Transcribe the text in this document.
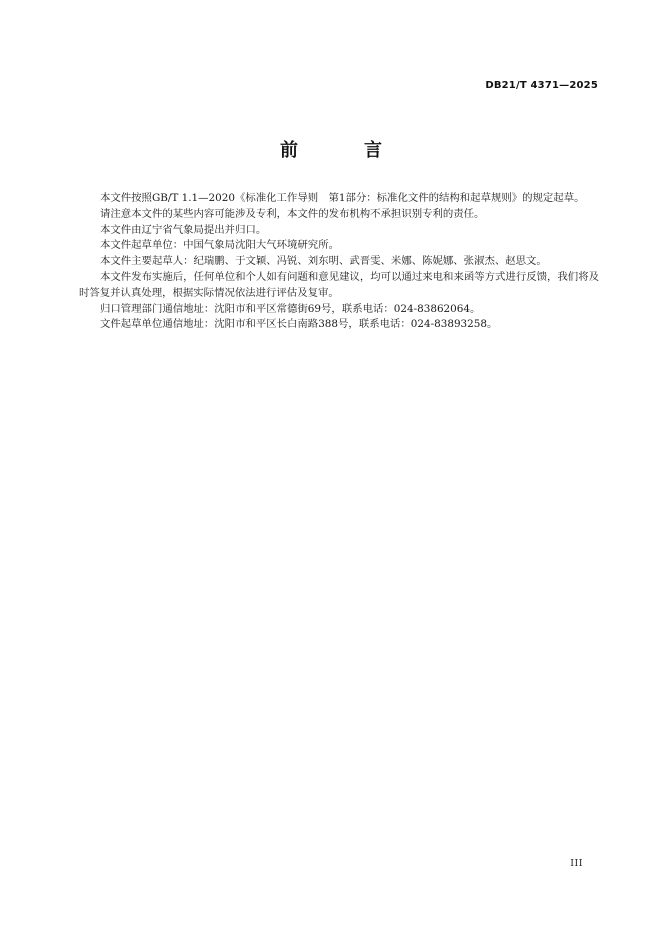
DB21/T 4371—2025
前　言

本文件按照GB/T 1.1—2020《标准化工作导则　第1部分：标准化文件的结构和起草规则》的规定起草。

请注意本文件的某些内容可能涉及专利，本文件的发布机构不承担识别专利的责任。

本文件由辽宁省气象局提出并归口。

本文件起草单位：中国气象局沈阳大气环境研究所。

本文件主要起草人：纪瑞鹏、于文颖、冯锐、刘东明、武晋雯、米娜、陈妮娜、张淑杰、赵思文。

本文件发布实施后，任何单位和个人如有问题和意见建议，均可以通过来电和来函等方式进行反馈，我们将及时答复并认真处理，根据实际情况依法进行评估及复审。

归口管理部门通信地址：沈阳市和平区常德街69号，联系电话：024-83862064。

文件起草单位通信地址：沈阳市和平区长白南路388号，联系电话：024-83893258。

III
